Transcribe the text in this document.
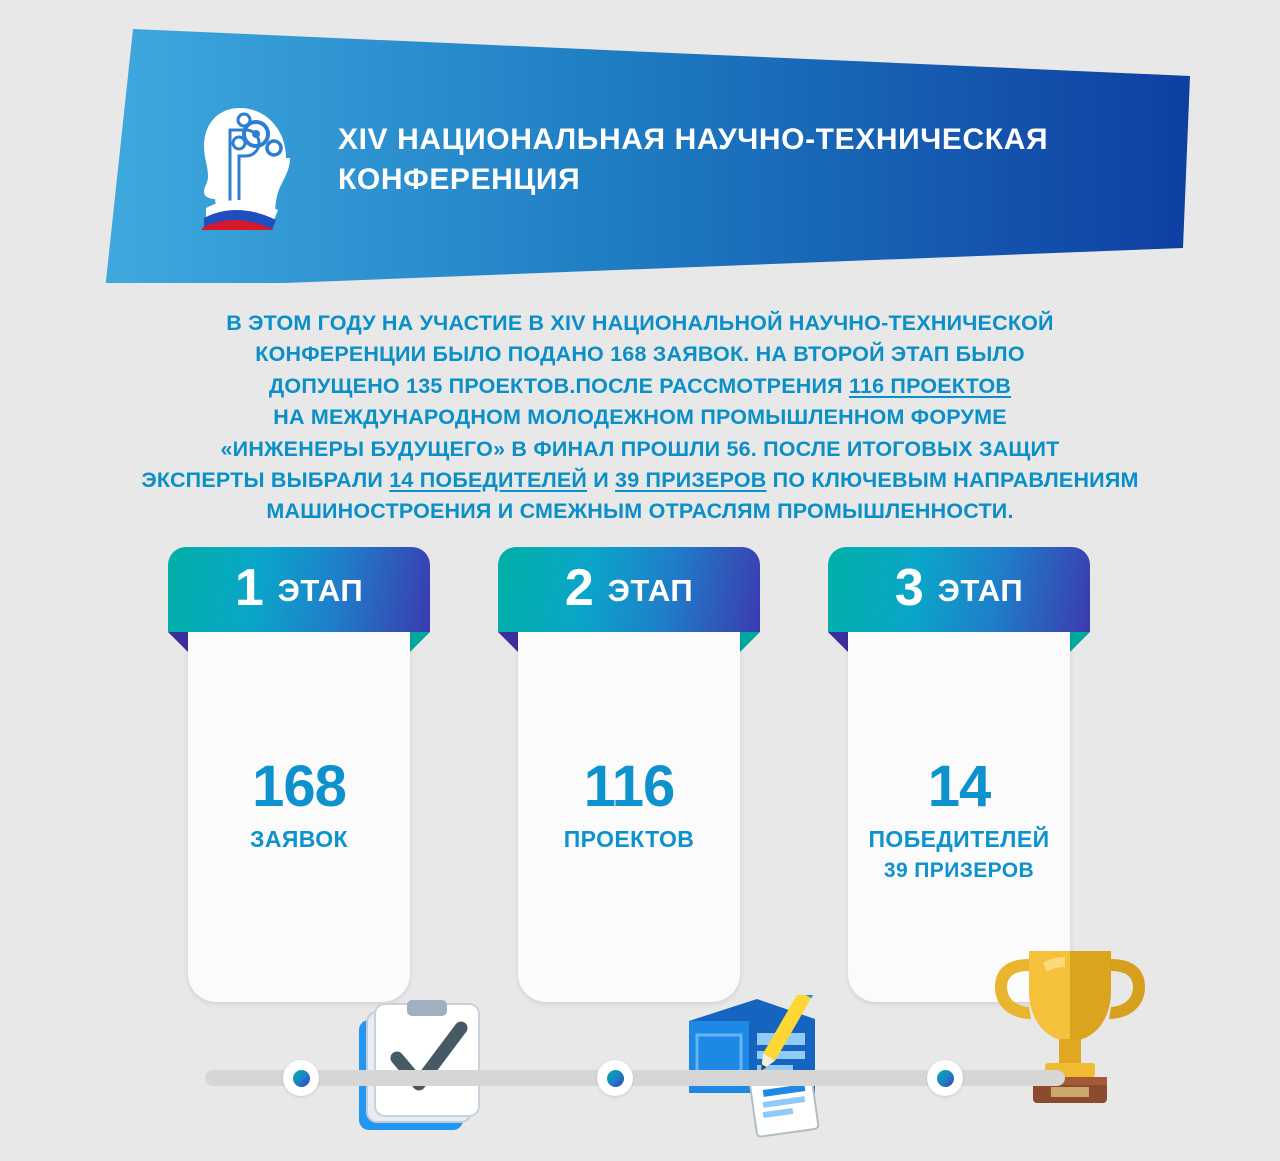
XIV НАЦИОНАЛЬНАЯ НАУЧНО-ТЕХНИЧЕСКАЯ КОНФЕРЕНЦИЯ
В ЭТОМ ГОДУ НА УЧАСТИЕ В XIV НАЦИОНАЛЬНОЙ НАУЧНО-ТЕХНИЧЕСКОЙ
КОНФЕРЕНЦИИ БЫЛО ПОДАНО 168 ЗАЯВОК. НА ВТОРОЙ ЭТАП БЫЛО
ДОПУЩЕНО 135 ПРОЕКТОВ.ПОСЛЕ РАССМОТРЕНИЯ 116 ПРОЕКТОВ
НА МЕЖДУНАРОДНОМ МОЛОДЕЖНОМ ПРОМЫШЛЕННОМ ФОРУМЕ
«ИНЖЕНЕРЫ БУДУЩЕГО» В ФИНАЛ ПРОШЛИ 56. ПОСЛЕ ИТОГОВЫХ ЗАЩИТ
ЭКСПЕРТЫ ВЫБРАЛИ 14 ПОБЕДИТЕЛЕЙ И 39 ПРИЗЕРОВ ПО КЛЮЧЕВЫМ НАПРАВЛЕНИЯМ
МАШИНОСТРОЕНИЯ И СМЕЖНЫМ ОТРАСЛЯМ ПРОМЫШЛЕННОСТИ.
1 ЭТАП
168
ЗАЯВОК
2 ЭТАП
116
ПРОЕКТОВ
3 ЭТАП
14
ПОБЕДИТЕЛЕЙ
39 ПРИЗЕРОВ
